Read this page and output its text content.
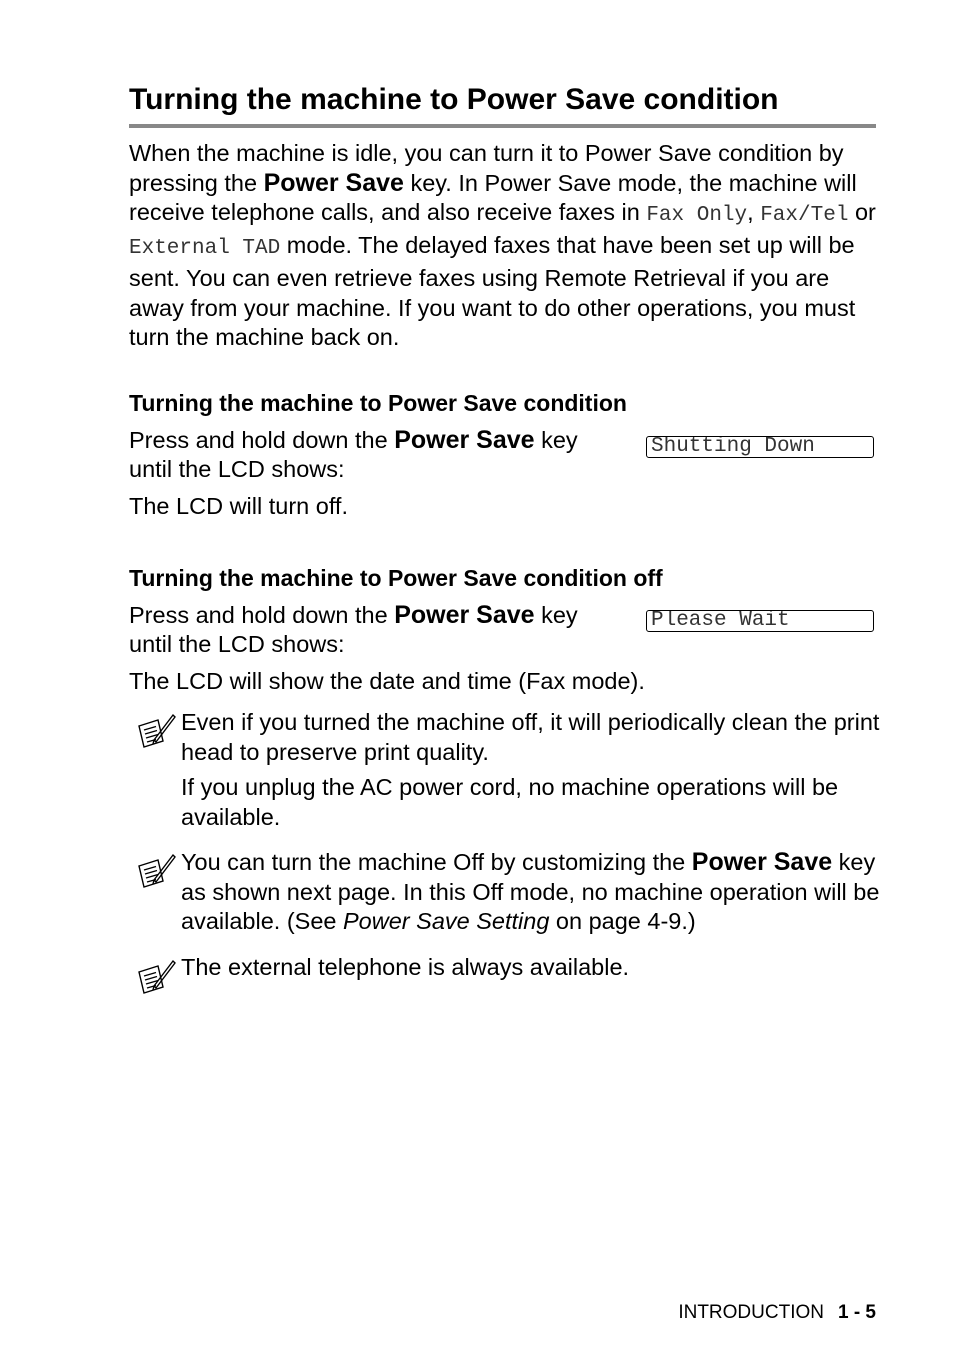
Turning the machine to Power Save condition

When the machine is idle, you can turn it to Power Save condition by pressing the Power Save key. In Power Save mode, the machine will receive telephone calls, and also receive faxes in Fax Only, Fax/Tel or External TAD mode. The delayed faxes that have been set up will be sent. You can even retrieve faxes using Remote Retrieval if you are away from your machine. If you want to do other operations, you must turn the machine back on.

Turning the machine to Power Save condition

Press and hold down the Power Save key until the LCD shows:

Shutting Down

The LCD will turn off.

Turning the machine to Power Save condition off

Press and hold down the Power Save key until the LCD shows:

Please Wait

The LCD will show the date and time (Fax mode).

Even if you turned the machine off, it will periodically clean the print head to preserve print quality.

If you unplug the AC power cord, no machine operations will be available.

You can turn the machine Off by customizing the Power Save key as shown next page. In this Off mode, no machine operation will be available. (See Power Save Setting on page 4-9.)

The external telephone is always available.

INTRODUCTION 1 - 5
